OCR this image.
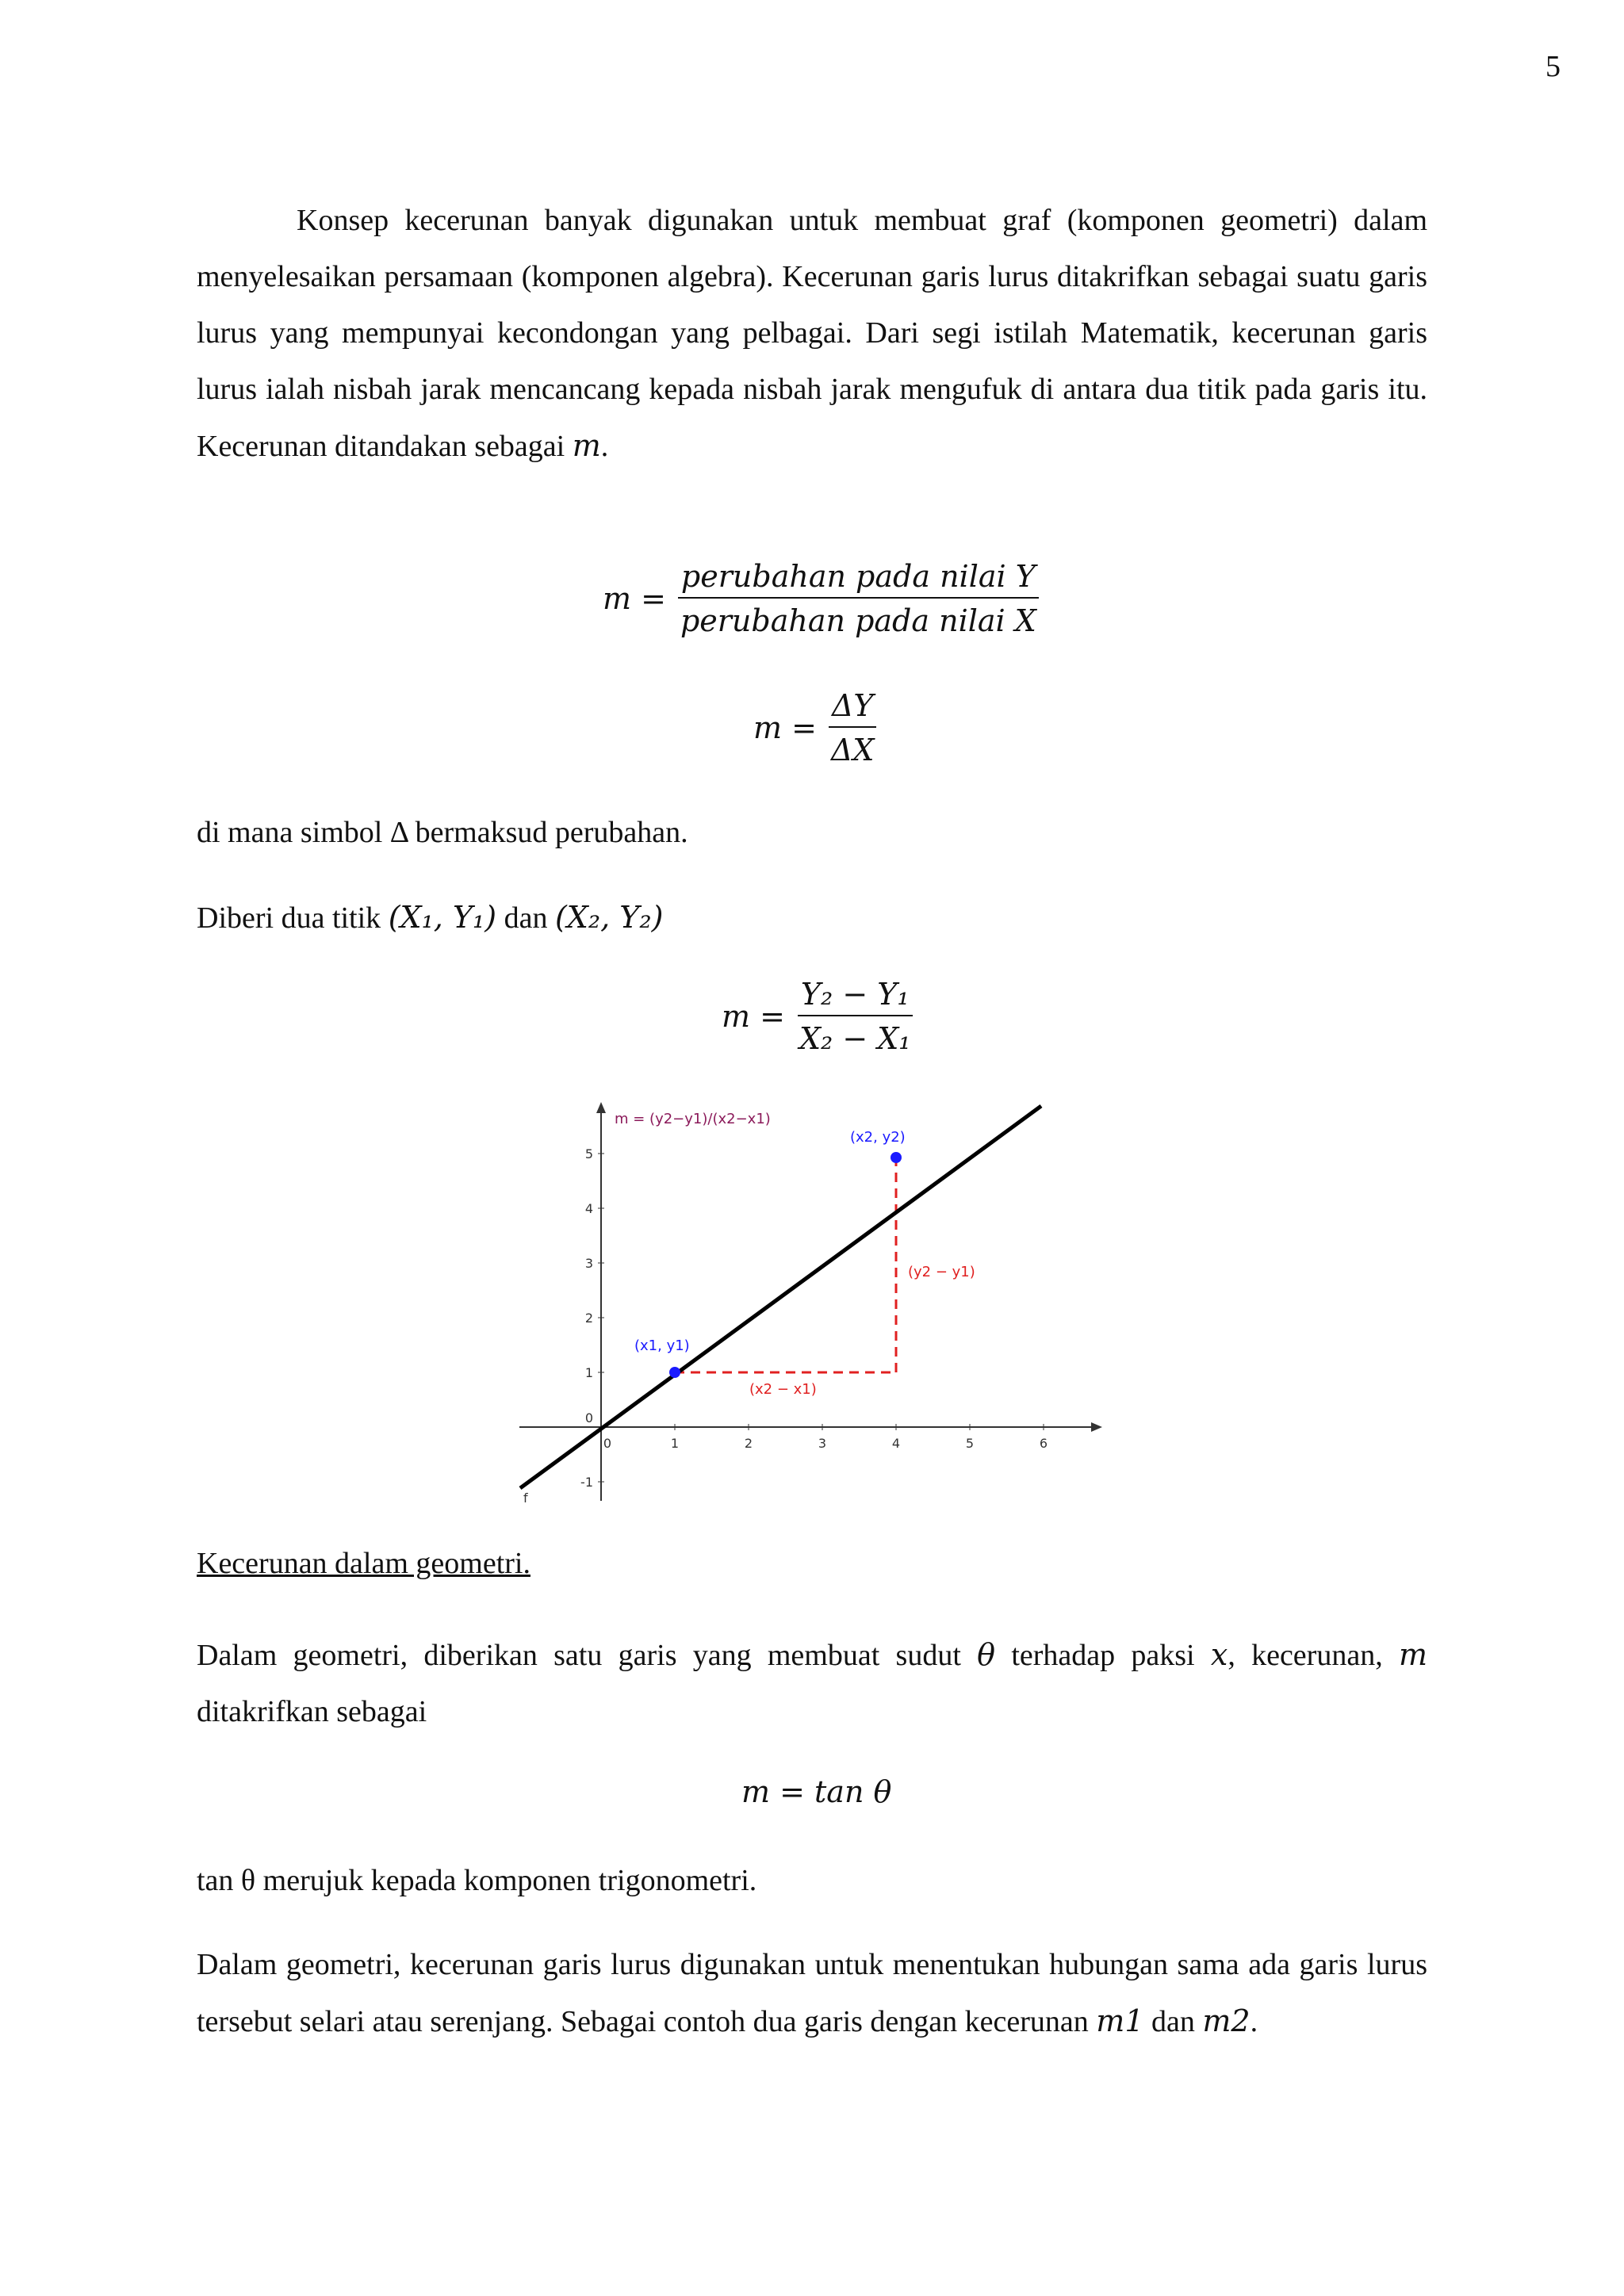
5

Konsep kecerunan banyak digunakan untuk membuat graf (komponen geometri) dalam menyelesaikan persamaan (komponen algebra). Kecerunan garis lurus ditakrifkan sebagai suatu garis lurus yang mempunyai kecondongan yang pelbagai. Dari segi istilah Matematik, kecerunan garis lurus ialah nisbah jarak mencancang kepada nisbah jarak mengufuk di antara dua titik pada garis itu. Kecerunan ditandakan sebagai m.

$m = \frac{\text{perubahan pada nilai Y}}{\text{perubahan pada nilai X}}$
$m = \frac{\Delta Y}{\Delta X}$

di mana simbol Δ bermaksud perubahan.

Diberi dua titik (X₁, Y₁) dan (X₂, Y₂)

$m = \frac{\text{Y₂ − Y₁}}{\text{X₂ − X₁}}$
0	1	2	3	4	5	6
-1
0
1
2
3
4
5
m = (y2−y1)/(x2−x1)
(x1, y1)
(x2, y2)
(x2 − x1)
(y2 − y1)
f
Kecerunan dalam geometri.

Dalam geometri, diberikan satu garis yang membuat sudut θ terhadap paksi x, kecerunan, m ditakrifkan sebagai

m = tan θ

tan θ merujuk kepada komponen trigonometri.

Dalam geometri, kecerunan garis lurus digunakan untuk menentukan hubungan sama ada garis lurus tersebut selari atau serenjang. Sebagai contoh dua garis dengan kecerunan m1 dan m2.
